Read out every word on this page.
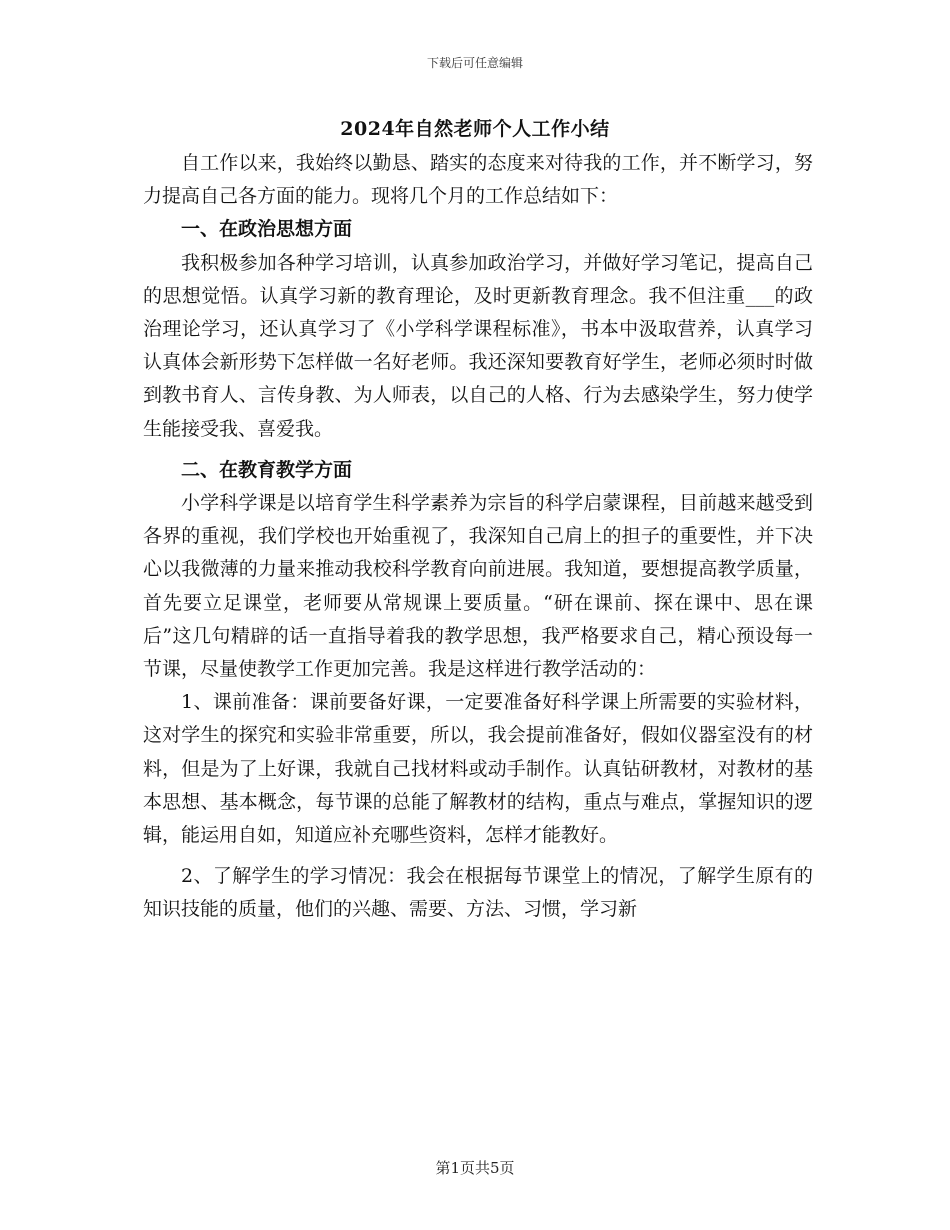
下载后可任意编辑
2024年自然老师个人工作小结

自工作以来，我始终以勤恳、踏实的态度来对待我的工作，并不断学习，努力提高自己各方面的能力。现将几个月的工作总结如下：

一、在政治思想方面

我积极参加各种学习培训，认真参加政治学习，并做好学习笔记，提高自己的思想觉悟。认真学习新的教育理论，及时更新教育理念。我不但注重___的政治理论学习，还认真学习了《小学科学课程标准》，书本中汲取营养，认真学习认真体会新形势下怎样做一名好老师。我还深知要教育好学生，老师必须时时做到教书育人、言传身教、为人师表，以自己的人格、行为去感染学生，努力使学生能接受我、喜爱我。

二、在教育教学方面

小学科学课是以培育学生科学素养为宗旨的科学启蒙课程，目前越来越受到各界的重视，我们学校也开始重视了，我深知自己肩上的担子的重要性，并下决心以我微薄的力量来推动我校科学教育向前进展。我知道，要想提高教学质量，首先要立足课堂，老师要从常规课上要质量。“研在课前、探在课中、思在课后”这几句精辟的话一直指导着我的教学思想，我严格要求自己，精心预设每一节课，尽量使教学工作更加完善。我是这样进行教学活动的：

1、课前准备：课前要备好课，一定要准备好科学课上所需要的实验材料，这对学生的探究和实验非常重要，所以，我会提前准备好，假如仪器室没有的材料，但是为了上好课，我就自己找材料或动手制作。认真钻研教材，对教材的基本思想、基本概念，每节课的总能了解教材的结构，重点与难点，掌握知识的逻辑，能运用自如，知道应补充哪些资料，怎样才能教好。

2、了解学生的学习情况：我会在根据每节课堂上的情况，了解学生原有的知识技能的质量，他们的兴趣、需要、方法、习惯，学习新

第1页共5页
